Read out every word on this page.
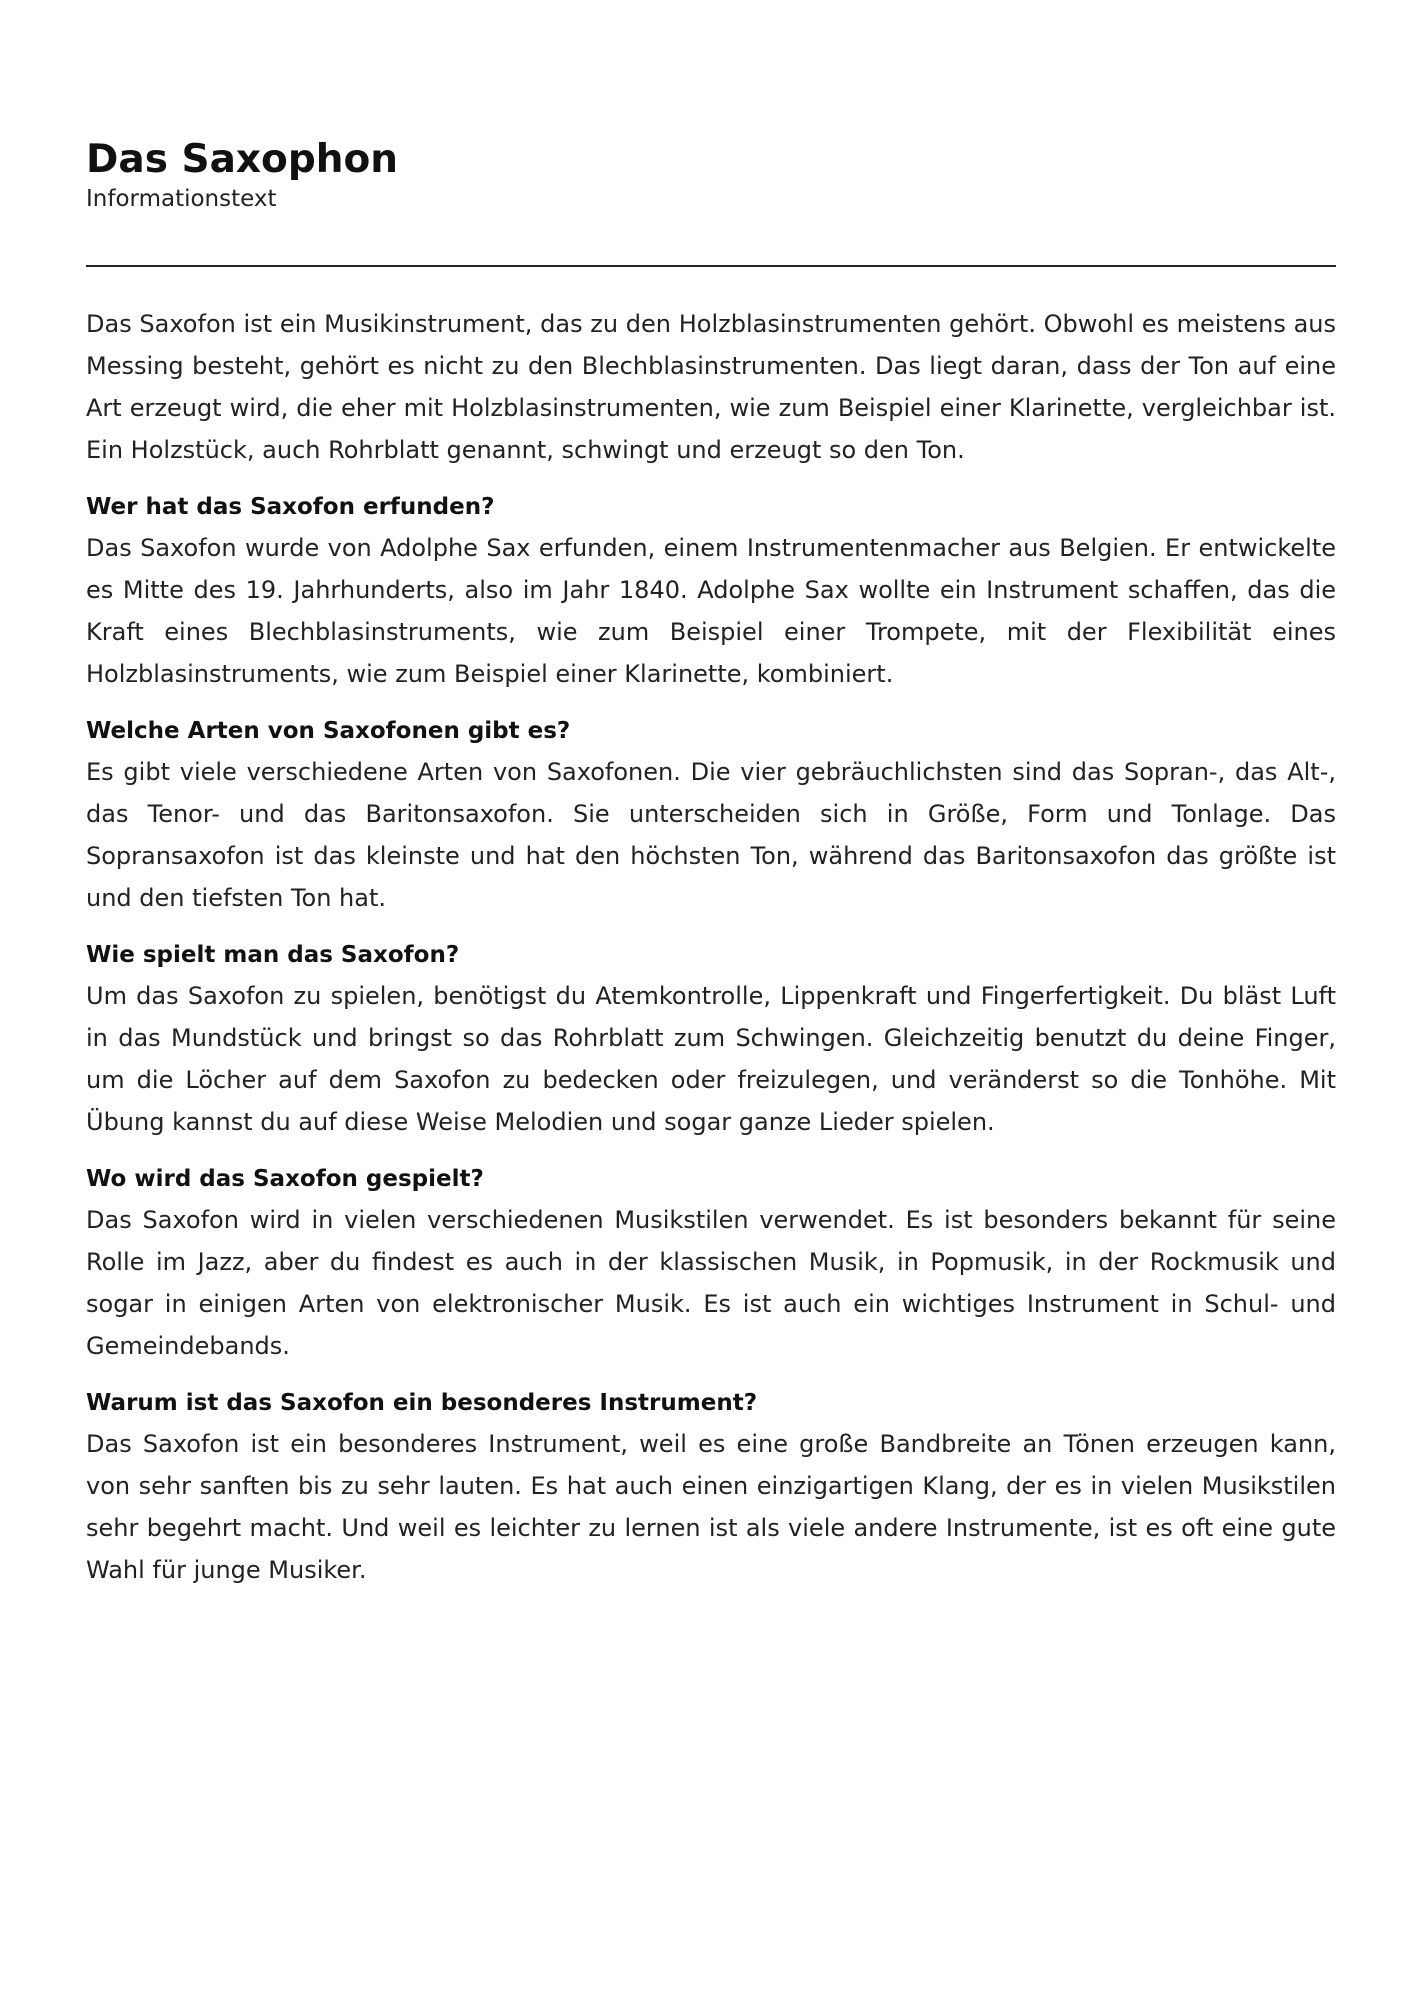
Das Saxophon
Informationstext

Das Saxofon ist ein Musikinstrument, das zu den Holzblasinstrumenten gehört. Obwohl es meistens aus Messing besteht, gehört es nicht zu den Blechblasinstrumenten. Das liegt daran, dass der Ton auf eine Art erzeugt wird, die eher mit Holzblasinstrumenten, wie zum Beispiel einer Klarinette, vergleichbar ist. Ein Holzstück, auch Rohrblatt genannt, schwingt und erzeugt so den Ton.

Wer hat das Saxofon erfunden?

Das Saxofon wurde von Adolphe Sax erfunden, einem Instrumentenmacher aus Belgien. Er entwickelte es Mitte des 19. Jahrhunderts, also im Jahr 1840. Adolphe Sax wollte ein Instrument schaffen, das die Kraft eines Blechblasinstruments, wie zum Beispiel einer Trompete, mit der Flexibilität eines Holzblasinstruments, wie zum Beispiel einer Klarinette, kombiniert.

Welche Arten von Saxofonen gibt es?

Es gibt viele verschiedene Arten von Saxofonen. Die vier gebräuchlichsten sind das Sopran-, das Alt-, das Tenor- und das Baritonsaxofon. Sie unterscheiden sich in Größe, Form und Tonlage. Das Sopransaxofon ist das kleinste und hat den höchsten Ton, während das Baritonsaxofon das größte ist und den tiefsten Ton hat.

Wie spielt man das Saxofon?

Um das Saxofon zu spielen, benötigst du Atemkontrolle, Lippenkraft und Fingerfertigkeit. Du bläst Luft in das Mundstück und bringst so das Rohrblatt zum Schwingen. Gleichzeitig benutzt du deine Finger, um die Löcher auf dem Saxofon zu bedecken oder freizulegen, und veränderst so die Tonhöhe. Mit Übung kannst du auf diese Weise Melodien und sogar ganze Lieder spielen.

Wo wird das Saxofon gespielt?

Das Saxofon wird in vielen verschiedenen Musikstilen verwendet. Es ist besonders bekannt für seine Rolle im Jazz, aber du findest es auch in der klassischen Musik, in Popmusik, in der Rockmusik und sogar in einigen Arten von elektronischer Musik. Es ist auch ein wichtiges Instrument in Schul- und Gemeindebands.

Warum ist das Saxofon ein besonderes Instrument?

Das Saxofon ist ein besonderes Instrument, weil es eine große Bandbreite an Tönen erzeugen kann, von sehr sanften bis zu sehr lauten. Es hat auch einen einzigartigen Klang, der es in vielen Musikstilen sehr begehrt macht. Und weil es leichter zu lernen ist als viele andere Instrumente, ist es oft eine gute Wahl für junge Musiker.
